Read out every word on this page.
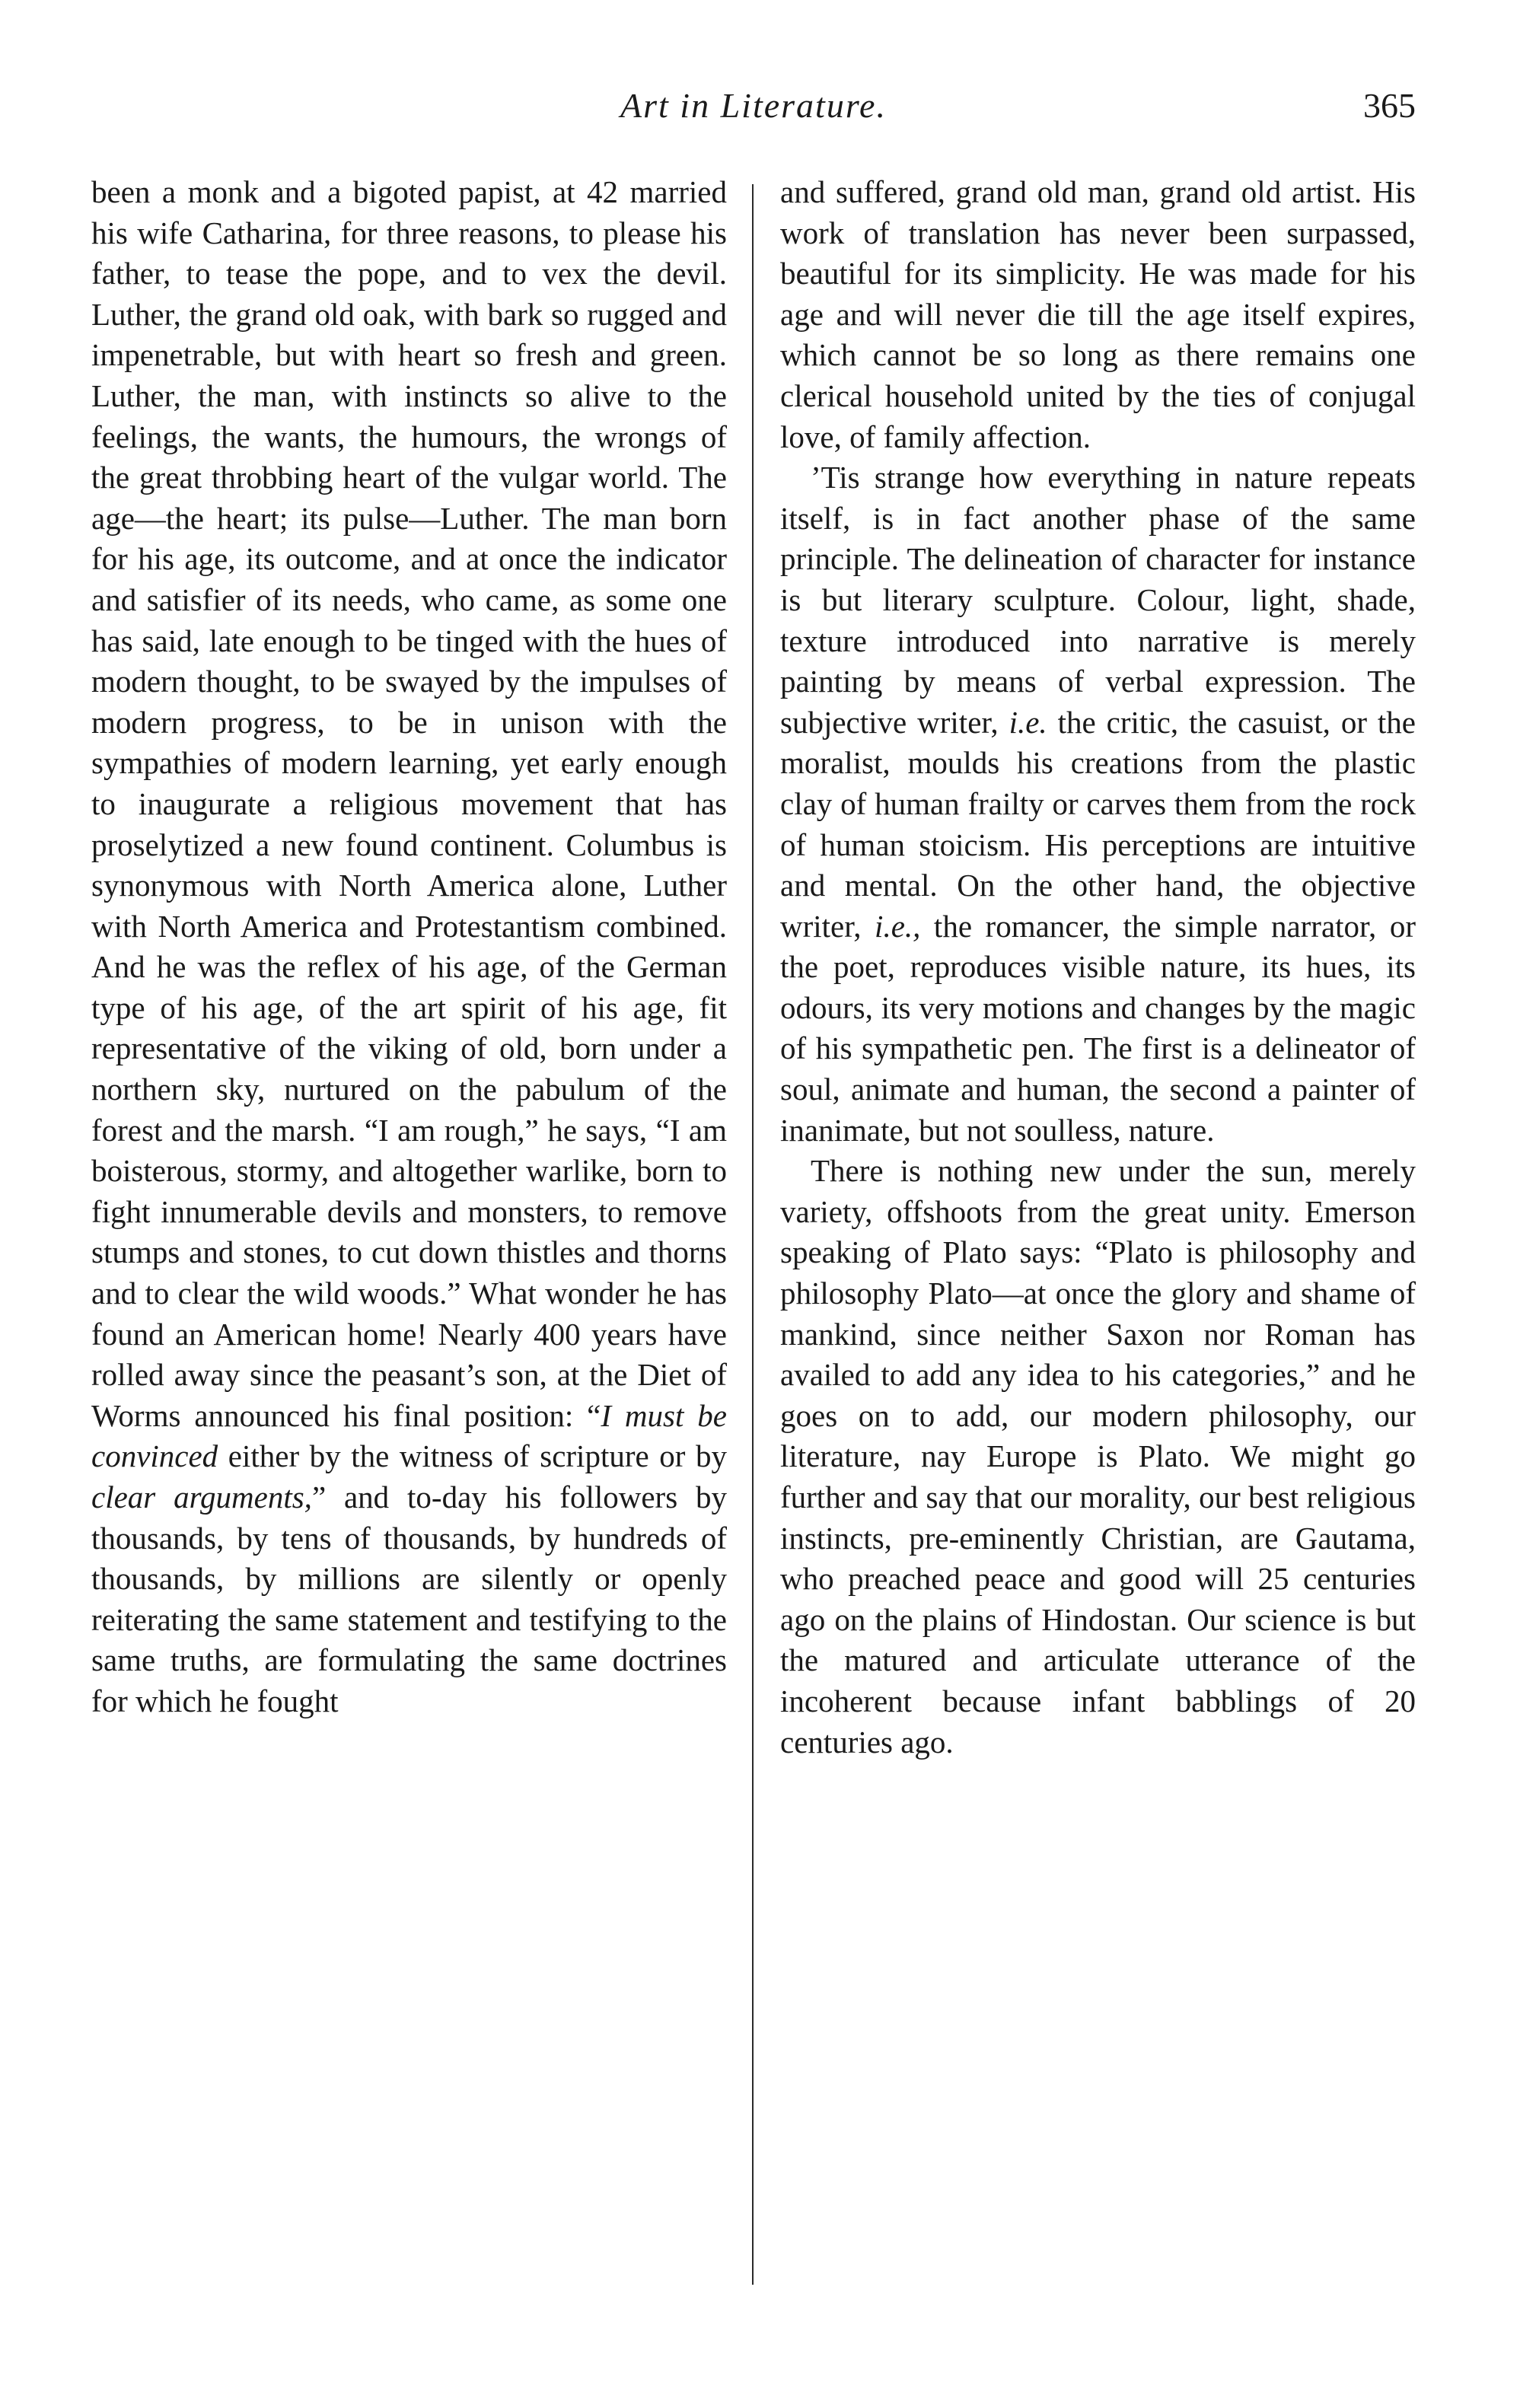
Art in Literature.	365

been a monk and a bigoted papist, at 42 married his wife Catharina, for three reasons, to please his father, to tease the pope, and to vex the devil. Luther, the grand old oak, with bark so rugged and impenetrable, but with heart so fresh and green. Luther, the man, with instincts so alive to the feelings, the wants, the humours, the wrongs of the great throbbing heart of the vulgar world. The age—the heart; its pulse—Luther. The man born for his age, its outcome, and at once the indicator and satisfier of its needs, who came, as some one has said, late enough to be tinged with the hues of modern thought, to be swayed by the impulses of modern progress, to be in unison with the sympathies of modern learning, yet early enough to inaugurate a religious movement that has proselytized a new found continent. Columbus is synonymous with North America alone, Luther with North America and Protestantism combined. And he was the reflex of his age, of the German type of his age, of the art spirit of his age, fit representative of the viking of old, born under a northern sky, nurtured on the pabulum of the forest and the marsh. “I am rough,” he says, “I am boisterous, stormy, and altogether warlike, born to fight innumerable devils and monsters, to remove stumps and stones, to cut down thistles and thorns and to clear the wild woods.” What wonder he has found an American home! Nearly 400 years have rolled away since the peasant’s son, at the Diet of Worms announced his final position: “I must be convinced either by the witness of scripture or by clear arguments,” and to-day his followers by thousands, by tens of thousands, by hundreds of thousands, by millions are silently or openly reiterating the same statement and testifying to the same truths, are formulating the same doctrines for which he fought

and suffered, grand old man, grand old artist. His work of translation has never been surpassed, beautiful for its simplicity. He was made for his age and will never die till the age itself expires, which cannot be so long as there remains one clerical household united by the ties of conjugal love, of family affection.

’Tis strange how everything in nature repeats itself, is in fact another phase of the same principle. The delineation of character for instance is but literary sculpture. Colour, light, shade, texture introduced into narrative is merely painting by means of verbal expression. The subjective writer, i.e. the critic, the casuist, or the moralist, moulds his creations from the plastic clay of human frailty or carves them from the rock of human stoicism. His perceptions are intuitive and mental. On the other hand, the objective writer, i.e., the romancer, the simple narrator, or the poet, reproduces visible nature, its hues, its odours, its very motions and changes by the magic of his sympathetic pen. The first is a delineator of soul, animate and human, the second a painter of inanimate, but not soulless, nature.

There is nothing new under the sun, merely variety, offshoots from the great unity. Emerson speaking of Plato says: “Plato is philosophy and philosophy Plato—at once the glory and shame of mankind, since neither Saxon nor Roman has availed to add any idea to his categories,” and he goes on to add, our modern philosophy, our literature, nay Europe is Plato. We might go further and say that our morality, our best religious instincts, pre-eminently Christian, are Gautama, who preached peace and good will 25 centuries ago on the plains of Hindostan. Our science is but the matured and articulate utterance of the incoherent because infant babblings of 20 centuries ago.
